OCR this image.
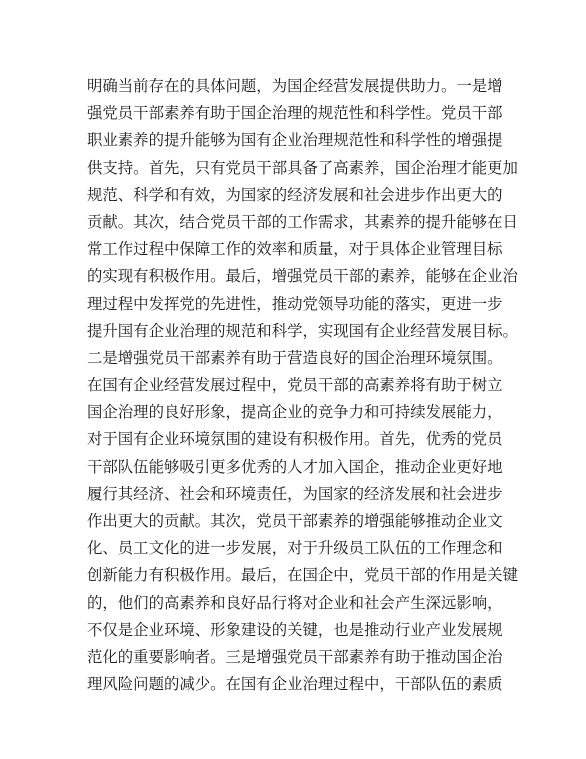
明确当前存在的具体问题，为国企经营发展提供助力。一是增
强党员干部素养有助于国企治理的规范性和科学性。党员干部
职业素养的提升能够为国有企业治理规范性和科学性的增强提
供支持。首先，只有党员干部具备了高素养，国企治理才能更加
规范、科学和有效，为国家的经济发展和社会进步作出更大的
贡献。其次，结合党员干部的工作需求，其素养的提升能够在日
常工作过程中保障工作的效率和质量，对于具体企业管理目标
的实现有积极作用。最后，增强党员干部的素养，能够在企业治
理过程中发挥党的先进性，推动党领导功能的落实，更进一步
提升国有企业治理的规范和科学，实现国有企业经营发展目标。
二是增强党员干部素养有助于营造良好的国企治理环境氛围。
在国有企业经营发展过程中，党员干部的高素养将有助于树立
国企治理的良好形象，提高企业的竞争力和可持续发展能力，
对于国有企业环境氛围的建设有积极作用。首先，优秀的党员
干部队伍能够吸引更多优秀的人才加入国企，推动企业更好地
履行其经济、社会和环境责任，为国家的经济发展和社会进步
作出更大的贡献。其次，党员干部素养的增强能够推动企业文
化、员工文化的进一步发展，对于升级员工队伍的工作理念和
创新能力有积极作用。最后，在国企中，党员干部的作用是关键
的，他们的高素养和良好品行将对企业和社会产生深远影响，
不仅是企业环境、形象建设的关键，也是推动行业产业发展规
范化的重要影响者。三是增强党员干部素养有助于推动国企治
理风险问题的减少。在国有企业治理过程中，干部队伍的素质
